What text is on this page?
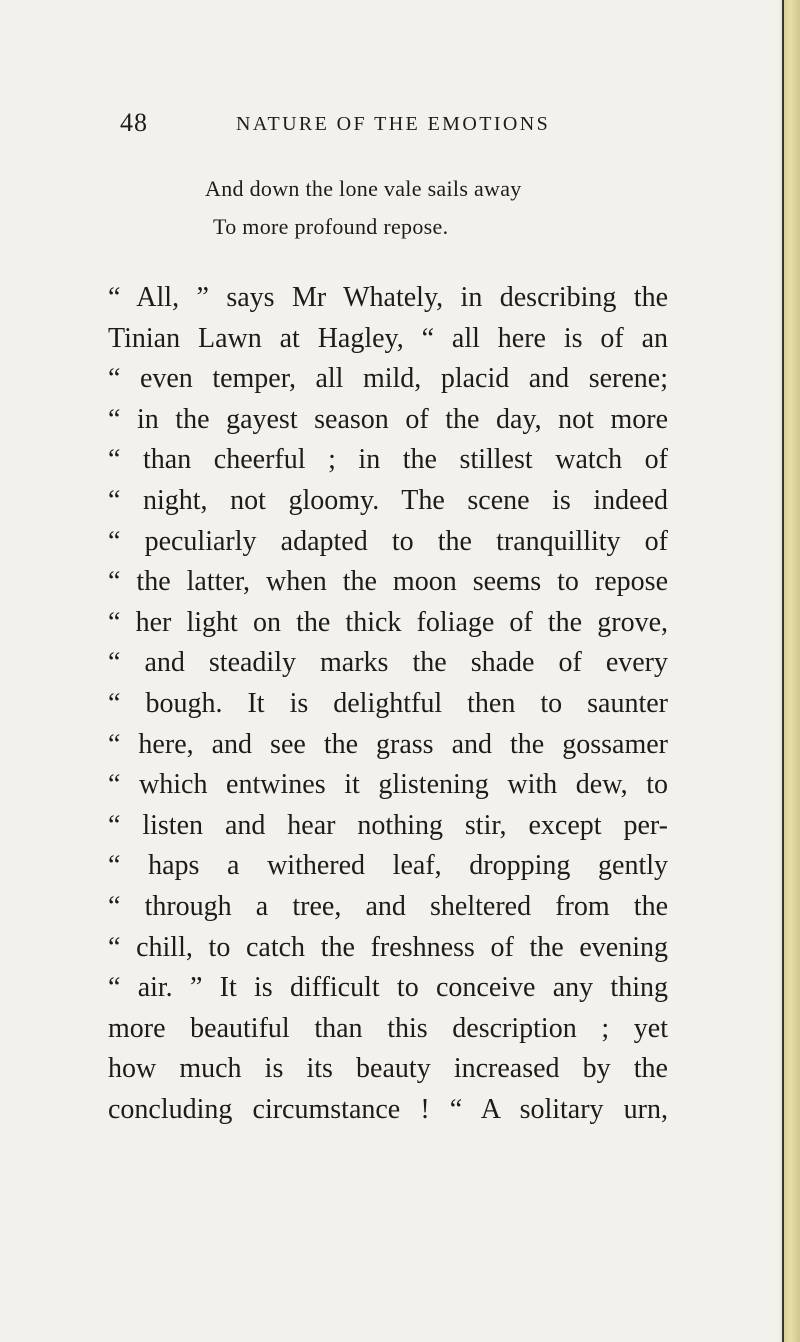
48	NATURE OF THE EMOTIONS
And down the lone vale sails away
To more profound repose.
“ All, ” says Mr Whately, in describing the
Tinian Lawn at Hagley, “ all here is of an
“ even temper, all mild, placid and serene;
“ in the gayest season of the day, not more
“ than cheerful ; in the stillest watch of
“ night, not gloomy. The scene is indeed
“ peculiarly adapted to the tranquillity of
“ the latter, when the moon seems to repose
“ her light on the thick foliage of the grove,
“ and steadily marks the shade of every
“ bough. It is delightful then to saunter
“ here, and see the grass and the gossamer
“ which entwines it glistening with dew, to
“ listen and hear nothing stir, except per-
“ haps a withered leaf, dropping gently
“ through a tree, and sheltered from the
“ chill, to catch the freshness of the evening
“ air. ” It is difficult to conceive any thing
more beautiful than this description ; yet
how much is its beauty increased by the
concluding circumstance ! “ A solitary urn,
